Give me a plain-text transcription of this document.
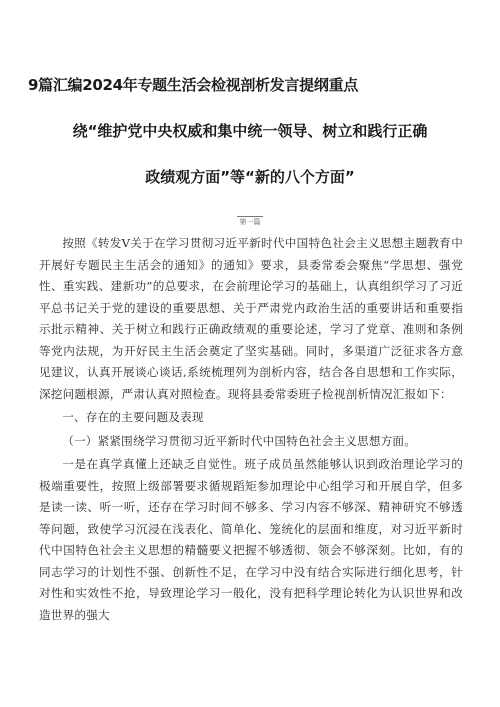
9篇汇编2024年专题生活会检视剖析发言提纲重点
绕“维护党中央权威和集中统一领导、树立和践行正确
政绩观方面”等“新的八个方面”
第一篇

按照《转发Ⅴ关于在学习贯彻习近平新时代中国特色社会主义思想主题教育中开展好专题民主生活会的通知》的通知》要求，县委常委会聚焦“学思想、强党性、重实践、建新功”的总要求，在会前理论学习的基础上，认真组织学习了习近平总书记关于党的建设的重要思想、关于严肃党内政治生活的重要讲话和重要指示批示精神、关于树立和践行正确政绩观的重要论述，学习了党章、准则和条例等党内法规，为开好民主生活会奠定了坚实基础。同时，多渠道广泛征求各方意见建议，认真开展谈心谈话,系统梳理列为剖析内容，结合各自思想和工作实际，深挖问题根源，严肃认真对照检查。现将县委常委班子检视剖析情况汇报如下：

一、存在的主要问题及表现

（一）紧紧围绕学习贯彻习近平新时代中国特色社会主义思想方面。

一是在真学真懂上还缺乏自觉性。班子成员虽然能够认识到政治理论学习的极端重要性，按照上级部署要求循规蹈矩参加理论中心组学习和开展自学，但多是读一读、听一听，还存在学习时间不够多、学习内容不够深、精神研究不够透等问题，致使学习沉浸在浅表化、简单化、笼统化的层面和维度，对习近平新时代中国特色社会主义思想的精髓要义把握不够透彻、领会不够深刻。比如，有的同志学习的计划性不强、创新性不足，在学习中没有结合实际进行细化思考，针对性和实效性不抢，导致理论学习一般化，没有把科学理论转化为认识世界和改造世界的强大
